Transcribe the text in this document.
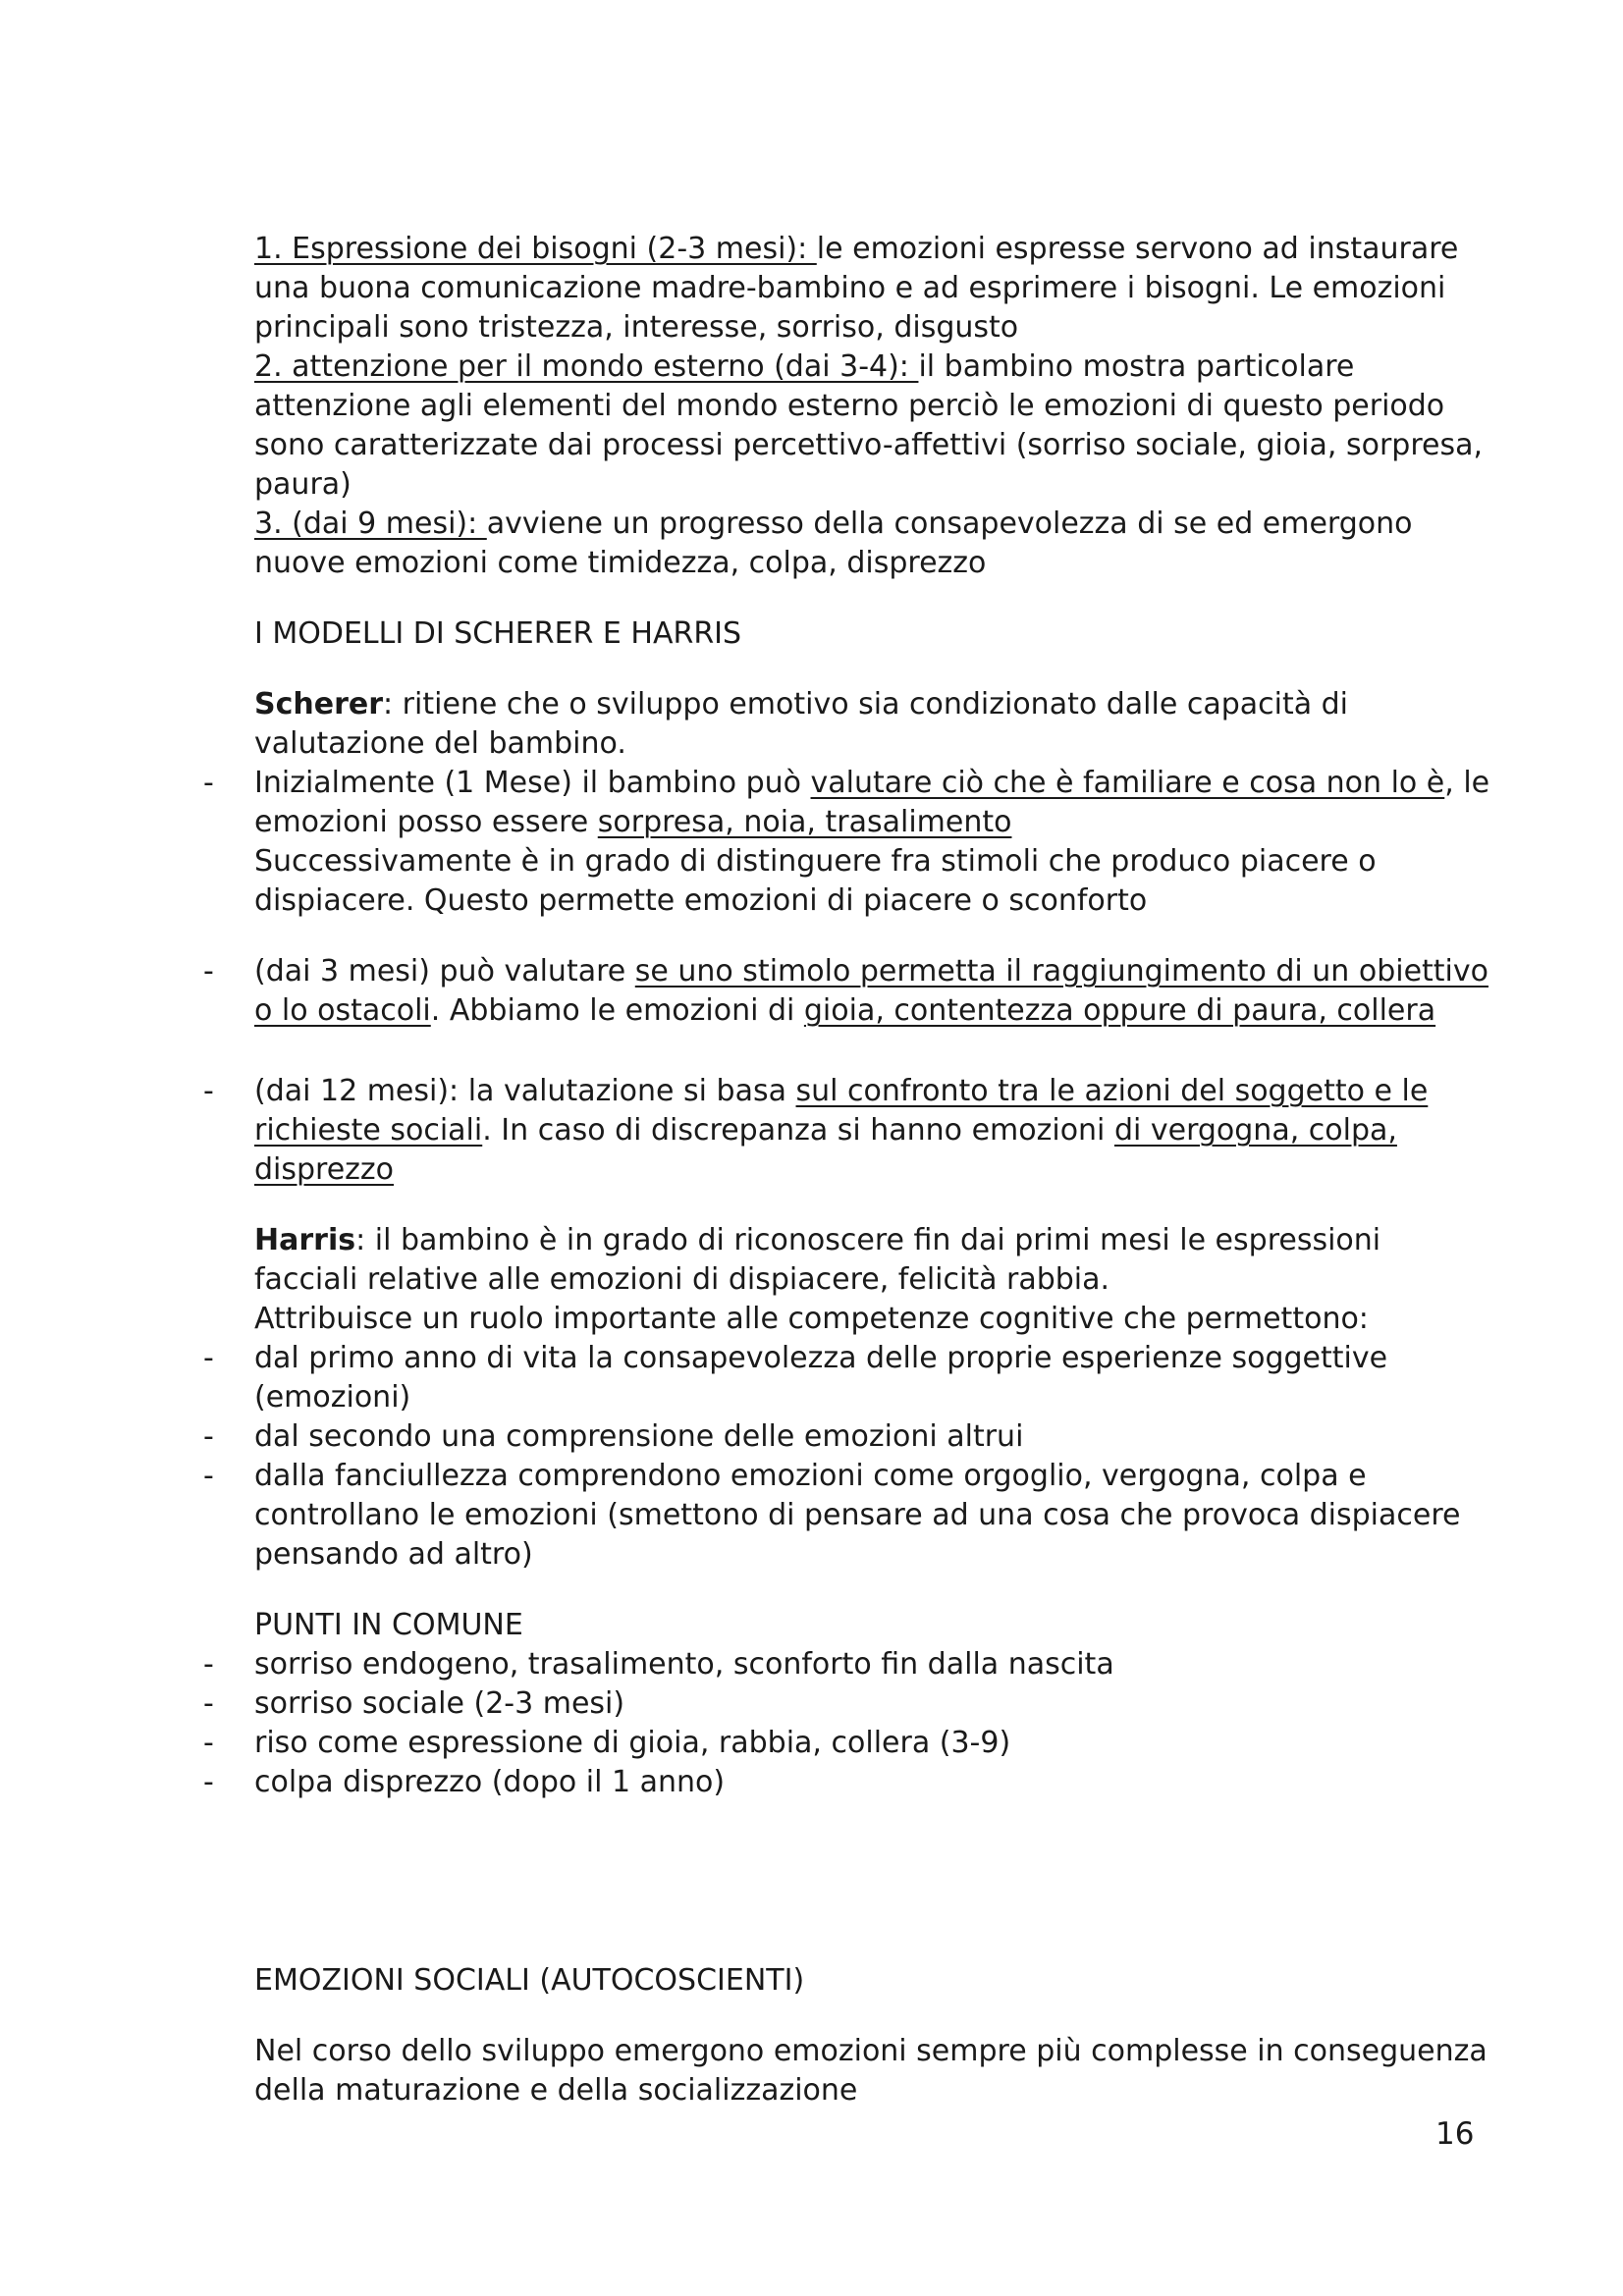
1. Espressione dei bisogni (2-3 mesi): le emozioni espresse servono ad instaurare una buona comunicazione madre-bambino e ad esprimere i bisogni. Le emozioni principali sono tristezza, interesse, sorriso, disgusto

2. attenzione per il mondo esterno (dai 3-4): il bambino mostra particolare attenzione agli elementi del mondo esterno perciò le emozioni di questo periodo sono caratterizzate dai processi percettivo-affettivi (sorriso sociale, gioia, sorpresa, paura)

3. (dai 9 mesi): avviene un progresso della consapevolezza di se ed emergono nuove emozioni come timidezza, colpa, disprezzo

I MODELLI DI SCHERER E HARRIS

Scherer: ritiene che o sviluppo emotivo sia condizionato dalle capacità di valutazione del bambino.

- Inizialmente (1 Mese) il bambino può valutare ciò che è familiare e cosa non lo è, le emozioni posso essere sorpresa, noia, trasalimento
Successivamente è in grado di distinguere fra stimoli che produco piacere o dispiacere. Questo permette emozioni di piacere o sconforto
- (dai 3 mesi) può valutare se uno stimolo permetta il raggiungimento di un obiettivo o lo ostacoli. Abbiamo le emozioni di gioia, contentezza oppure di paura, collera
- (dai 12 mesi): la valutazione si basa sul confronto tra le azioni del soggetto e le richieste sociali. In caso di discrepanza si hanno emozioni di vergogna, colpa, disprezzo

Harris: il bambino è in grado di riconoscere fin dai primi mesi le espressioni facciali relative alle emozioni di dispiacere, felicità rabbia.

Attribuisce un ruolo importante alle competenze cognitive che permettono:

- dal primo anno di vita la consapevolezza delle proprie esperienze soggettive (emozioni)
- dal secondo una comprensione delle emozioni altrui
- dalla fanciullezza comprendono emozioni come orgoglio, vergogna, colpa e controllano le emozioni (smettono di pensare ad una cosa che provoca dispiacere pensando ad altro)

PUNTI IN COMUNE

- sorriso endogeno, trasalimento, sconforto fin dalla nascita
- sorriso sociale (2-3 mesi)
- riso come espressione di gioia, rabbia, collera (3-9)
- colpa disprezzo (dopo il 1 anno)

EMOZIONI SOCIALI (AUTOCOSCIENTI)

Nel corso dello sviluppo emergono emozioni sempre più complesse in conseguenza della maturazione e della socializzazione

16
